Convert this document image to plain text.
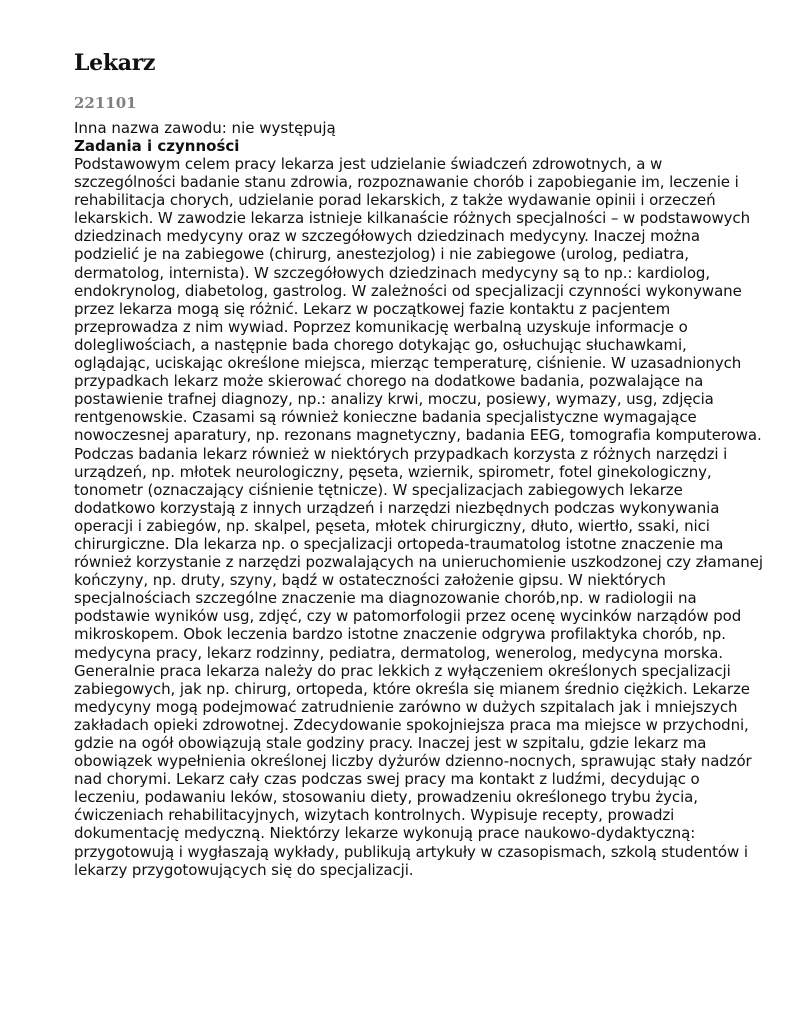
Lekarz
221101
Inna nazwa zawodu: nie występują
Zadania i czynności

Podstawowym celem pracy lekarza jest udzielanie świadczeń zdrowotnych, a w szczególności badanie stanu zdrowia, rozpoznawanie chorób i zapobieganie im, leczenie i rehabilitacja chorych, udzielanie porad lekarskich, z także wydawanie opinii i orzeczeń lekarskich. W zawodzie lekarza istnieje kilkanaście różnych specjalności – w podstawowych dziedzinach medycyny oraz w szczegółowych dziedzinach medycyny. Inaczej można podzielić je na zabiegowe (chirurg, anestezjolog) i nie zabiegowe (urolog, pediatra, dermatolog, internista). W szczegółowych dziedzinach medycyny są to np.: kardiolog, endokrynolog, diabetolog, gastrolog. W zależności od specjalizacji czynności wykonywane przez lekarza mogą się różnić. Lekarz w początkowej fazie kontaktu z pacjentem przeprowadza z nim wywiad. Poprzez komunikację werbalną uzyskuje informacje o dolegliwościach, a następnie bada chorego dotykając go, osłuchując słuchawkami, oglądając, uciskając określone miejsca, mierząc temperaturę, ciśnienie. W uzasadnionych przypadkach lekarz może skierować chorego na dodatkowe badania, pozwalające na postawienie trafnej diagnozy, np.: analizy krwi, moczu, posiewy, wymazy, usg, zdjęcia rentgenowskie. Czasami są również konieczne badania specjalistyczne wymagające nowoczesnej aparatury, np. rezonans magnetyczny, badania EEG, tomografia komputerowa. Podczas badania lekarz również w niektórych przypadkach korzysta z różnych narzędzi i urządzeń, np. młotek neurologiczny, pęseta, wziernik, spirometr, fotel ginekologiczny, tonometr (oznaczający ciśnienie tętnicze). W specjalizacjach zabiegowych lekarze dodatkowo korzystają z innych urządzeń i narzędzi niezbędnych podczas wykonywania operacji i zabiegów, np. skalpel, pęseta, młotek chirurgiczny, dłuto, wiertło, ssaki, nici chirurgiczne. Dla lekarza np. o specjalizacji ortopeda-traumatolog istotne znaczenie ma również korzystanie z narzędzi pozwalających na unieruchomienie uszkodzonej czy złamanej kończyny, np. druty, szyny, bądź w ostateczności założenie gipsu. W niektórych specjalnościach szczególne znaczenie ma diagnozowanie chorób,np. w radiologii na podstawie wyników usg, zdjęć, czy w patomorfologii przez ocenę wycinków narządów pod mikroskopem. Obok leczenia bardzo istotne znaczenie odgrywa profilaktyka chorób, np. medycyna pracy, lekarz rodzinny, pediatra, dermatolog, wenerolog, medycyna morska. Generalnie praca lekarza należy do prac lekkich z wyłączeniem określonych specjalizacji zabiegowych, jak np. chirurg, ortopeda, które określa się mianem średnio ciężkich. Lekarze medycyny mogą podejmować zatrudnienie zarówno w dużych szpitalach jak i mniejszych zakładach opieki zdrowotnej. Zdecydowanie spokojniejsza praca ma miejsce w przychodni, gdzie na ogół obowiązują stale godziny pracy. Inaczej jest w szpitalu, gdzie lekarz ma obowiązek wypełnienia określonej liczby dyżurów dzienno-nocnych, sprawując stały nadzór nad chorymi. Lekarz cały czas podczas swej pracy ma kontakt z ludźmi, decydując o leczeniu, podawaniu leków, stosowaniu diety, prowadzeniu określonego trybu życia, ćwiczeniach rehabilitacyjnych, wizytach kontrolnych. Wypisuje recepty, prowadzi dokumentację medyczną. Niektórzy lekarze wykonują prace naukowo-dydaktyczną: przygotowują i wygłaszają wykłady, publikują artykuły w czasopismach, szkolą studentów i lekarzy przygotowujących się do specjalizacji.
